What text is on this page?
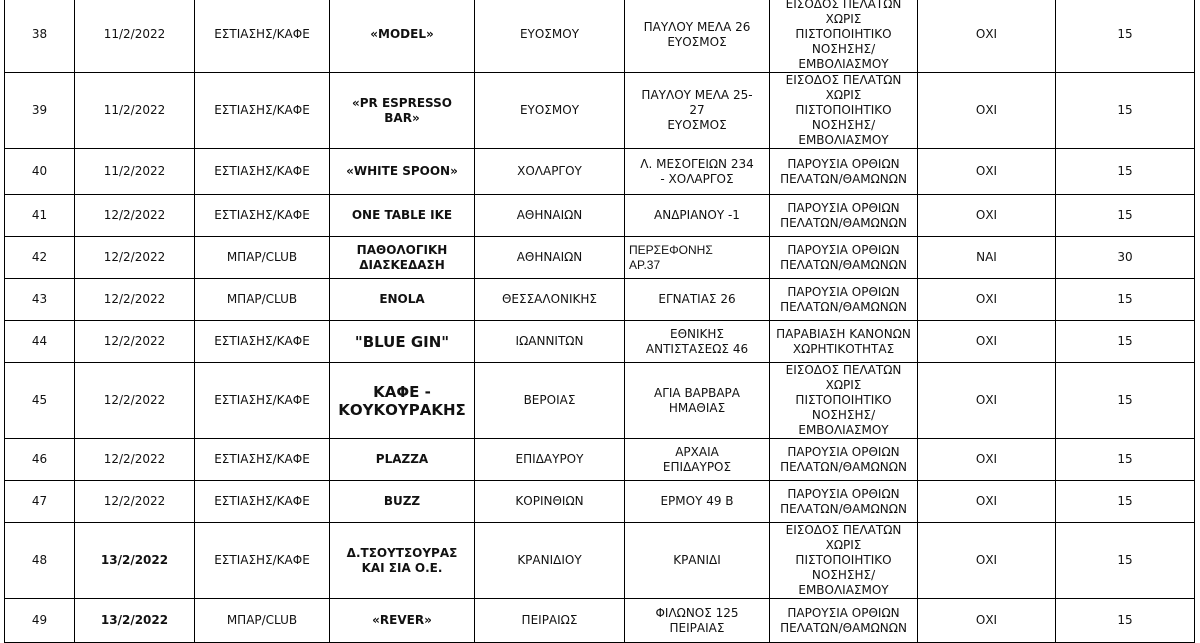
38	11/2/2022	ΕΣΤΙΑΣΗΣ/ΚΑΦΕ	«MODEL»	ΕΥΟΣΜΟΥ	ΠΑΥΛΟΥ ΜΕΛΑ 26
ΕΥΟΣΜΟΣ	ΕΙΣΟΔΟΣ ΠΕΛΑΤΩΝ ΧΩΡΙΣ
ΠΙΣΤΟΠΟΙΗΤΙΚΟ
ΝΟΣΗΣΗΣ/ΕΜΒΟΛΙΑΣΜΟΥ	ΟΧΙ	15
39	11/2/2022	ΕΣΤΙΑΣΗΣ/ΚΑΦΕ	«PR ESPRESSO
BAR»	ΕΥΟΣΜΟΥ	ΠΑΥΛΟΥ ΜΕΛΑ 25-
27
ΕΥΟΣΜΟΣ	ΕΙΣΟΔΟΣ ΠΕΛΑΤΩΝ ΧΩΡΙΣ
ΠΙΣΤΟΠΟΙΗΤΙΚΟ
ΝΟΣΗΣΗΣ/ΕΜΒΟΛΙΑΣΜΟΥ	ΟΧΙ	15
40	11/2/2022	ΕΣΤΙΑΣΗΣ/ΚΑΦΕ	«WHITE SPOON»	ΧΟΛΑΡΓΟΥ	Λ. ΜΕΣΟΓΕΙΩΝ 234
- ΧΟΛΑΡΓΟΣ	ΠΑΡΟΥΣΙΑ ΟΡΘΙΩΝ
ΠΕΛΑΤΩΝ/ΘΑΜΩΝΩΝ	ΟΧΙ	15
41	12/2/2022	ΕΣΤΙΑΣΗΣ/ΚΑΦΕ	ONE TABLE IKE	ΑΘΗΝΑΙΩΝ	ΑΝΔΡΙΑΝΟΥ -1	ΠΑΡΟΥΣΙΑ ΟΡΘΙΩΝ
ΠΕΛΑΤΩΝ/ΘΑΜΩΝΩΝ	ΟΧΙ	15
42	12/2/2022	ΜΠΑΡ/CLUB	ΠΑΘΟΛΟΓΙΚΗ
ΔΙΑΣΚΕΔΑΣΗ	ΑΘΗΝΑΙΩΝ	ΠΕΡΣΕΦΟΝΗΣ
ΑΡ.37	ΠΑΡΟΥΣΙΑ ΟΡΘΙΩΝ
ΠΕΛΑΤΩΝ/ΘΑΜΩΝΩΝ	ΝΑΙ	30
43	12/2/2022	ΜΠΑΡ/CLUB	ENOLA	ΘΕΣΣΑΛΟΝΙΚΗΣ	ΕΓΝΑΤΙΑΣ 26	ΠΑΡΟΥΣΙΑ ΟΡΘΙΩΝ
ΠΕΛΑΤΩΝ/ΘΑΜΩΝΩΝ	ΟΧΙ	15
44	12/2/2022	ΕΣΤΙΑΣΗΣ/ΚΑΦΕ	"BLUE GIN"	ΙΩΑΝΝΙΤΩΝ	ΕΘΝΙΚΗΣ
ΑΝΤΙΣΤΑΣΕΩΣ 46	ΠΑΡΑΒΙΑΣΗ ΚΑΝΟΝΩΝ
ΧΩΡΗΤΙΚΟΤΗΤΑΣ	ΟΧΙ	15
45	12/2/2022	ΕΣΤΙΑΣΗΣ/ΚΑΦΕ	ΚΑΦΕ -
ΚΟΥΚΟΥΡΑΚΗΣ	ΒΕΡΟΙΑΣ	ΑΓΙΑ ΒΑΡΒΑΡΑ
ΗΜΑΘΙΑΣ	ΕΙΣΟΔΟΣ ΠΕΛΑΤΩΝ ΧΩΡΙΣ
ΠΙΣΤΟΠΟΙΗΤΙΚΟ
ΝΟΣΗΣΗΣ/ΕΜΒΟΛΙΑΣΜΟΥ	ΟΧΙ	15
46	12/2/2022	ΕΣΤΙΑΣΗΣ/ΚΑΦΕ	PLAZZA	ΕΠΙΔΑΥΡΟΥ	ΑΡΧΑΙΑ
ΕΠΙΔΑΥΡΟΣ	ΠΑΡΟΥΣΙΑ ΟΡΘΙΩΝ
ΠΕΛΑΤΩΝ/ΘΑΜΩΝΩΝ	ΟΧΙ	15
47	12/2/2022	ΕΣΤΙΑΣΗΣ/ΚΑΦΕ	BUZZ	ΚΟΡΙΝΘΙΩΝ	ΕΡΜΟΥ 49 Β	ΠΑΡΟΥΣΙΑ ΟΡΘΙΩΝ
ΠΕΛΑΤΩΝ/ΘΑΜΩΝΩΝ	ΟΧΙ	15
48	13/2/2022	ΕΣΤΙΑΣΗΣ/ΚΑΦΕ	Δ.ΤΣΟΥΤΣΟΥΡΑΣ
ΚΑΙ ΣΙΑ Ο.Ε.	ΚΡΑΝΙΔΙΟΥ	ΚΡΑΝΙΔΙ	ΕΙΣΟΔΟΣ ΠΕΛΑΤΩΝ ΧΩΡΙΣ
ΠΙΣΤΟΠΟΙΗΤΙΚΟ
ΝΟΣΗΣΗΣ/ΕΜΒΟΛΙΑΣΜΟΥ	ΟΧΙ	15
49	13/2/2022	ΜΠΑΡ/CLUB	«REVER»	ΠΕΙΡΑΙΩΣ	ΦΙΛΩΝΟΣ 125
ΠΕΙΡΑΙΑΣ	ΠΑΡΟΥΣΙΑ ΟΡΘΙΩΝ
ΠΕΛΑΤΩΝ/ΘΑΜΩΝΩΝ	ΟΧΙ	15
